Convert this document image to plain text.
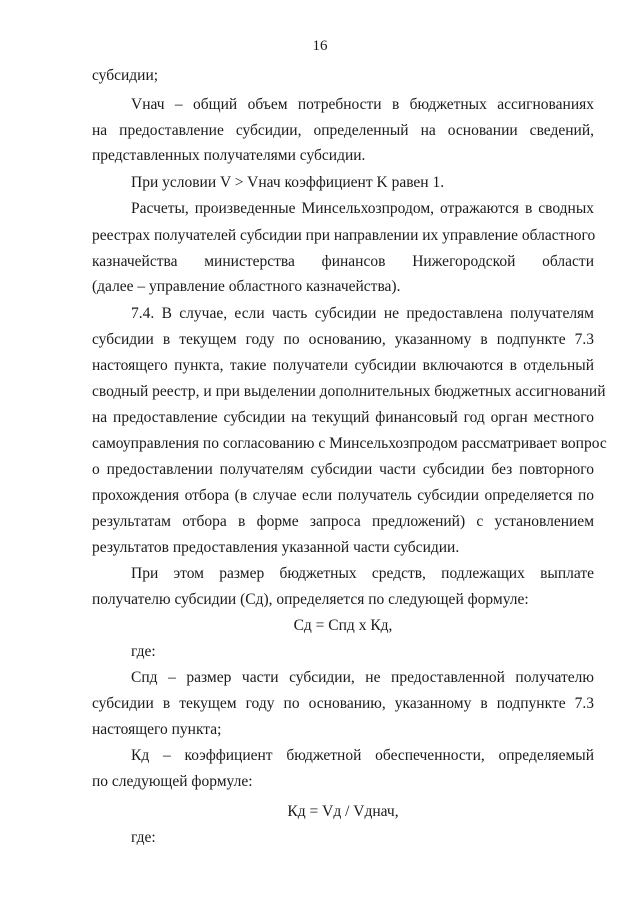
16
субсидии;
Vнач – общий объем потребности в бюджетных ассигнованиях
на предоставление субсидии, определенный на основании сведений,
представленных получателями субсидии.
При условии V > Vнач коэффициент K равен 1.
Расчеты, произведенные Минсельхозпродом, отражаются в сводных
реестрах получателей субсидии при направлении их управление областного
казначейства министерства финансов Нижегородской области
(далее – управление областного казначейства).
7.4. В случае, если часть субсидии не предоставлена получателям
субсидии в текущем году по основанию, указанному в подпункте 7.3
настоящего пункта, такие получатели субсидии включаются в отдельный
сводный реестр, и при выделении дополнительных бюджетных ассигнований
на предоставление субсидии на текущий финансовый год орган местного
самоуправления по согласованию с Минсельхозпродом рассматривает вопрос
о предоставлении получателям субсидии части субсидии без повторного
прохождения отбора (в случае если получатель субсидии определяется по
результатам отбора в форме запроса предложений) с установлением
результатов предоставления указанной части субсидии.
При этом размер бюджетных средств, подлежащих выплате
получателю субсидии (Сд), определяется по следующей формуле:
Сд = Спд x Кд,
где:
Спд – размер части субсидии, не предоставленной получателю
субсидии в текущем году по основанию, указанному в подпункте 7.3
настоящего пункта;
Кд – коэффициент бюджетной обеспеченности, определяемый
по следующей формуле:
Кд = Vд / Vднач,
где:
